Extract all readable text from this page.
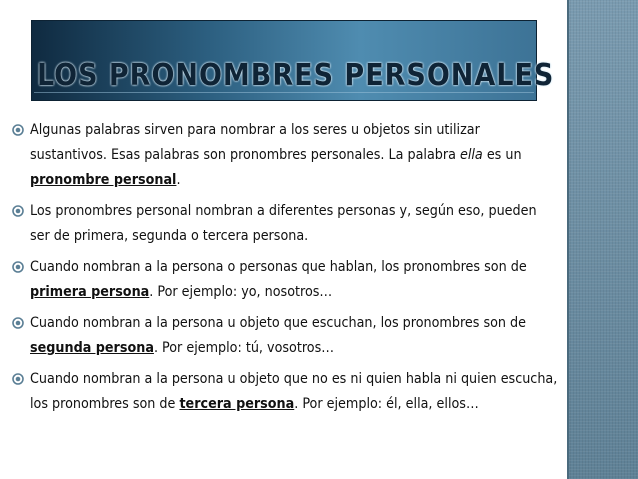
LOS PRONOMBRES PERSONALES
Algunas palabras sirven para nombrar a los seres u objetos sin utilizar sustantivos. Esas palabras son pronombres personales. La palabra ella es un pronombre personal.
Los pronombres personal nombran a diferentes personas y, según eso, pueden ser de primera, segunda o tercera persona.
Cuando nombran a la persona o personas que hablan, los pronombres son de primera persona. Por ejemplo: yo, nosotros…
Cuando nombran a la persona u objeto que escuchan, los pronombres son de segunda persona. Por ejemplo: tú, vosotros…
Cuando nombran a la persona u objeto que no es ni quien habla ni quien escucha, los pronombres son de tercera persona. Por ejemplo: él, ella, ellos…
